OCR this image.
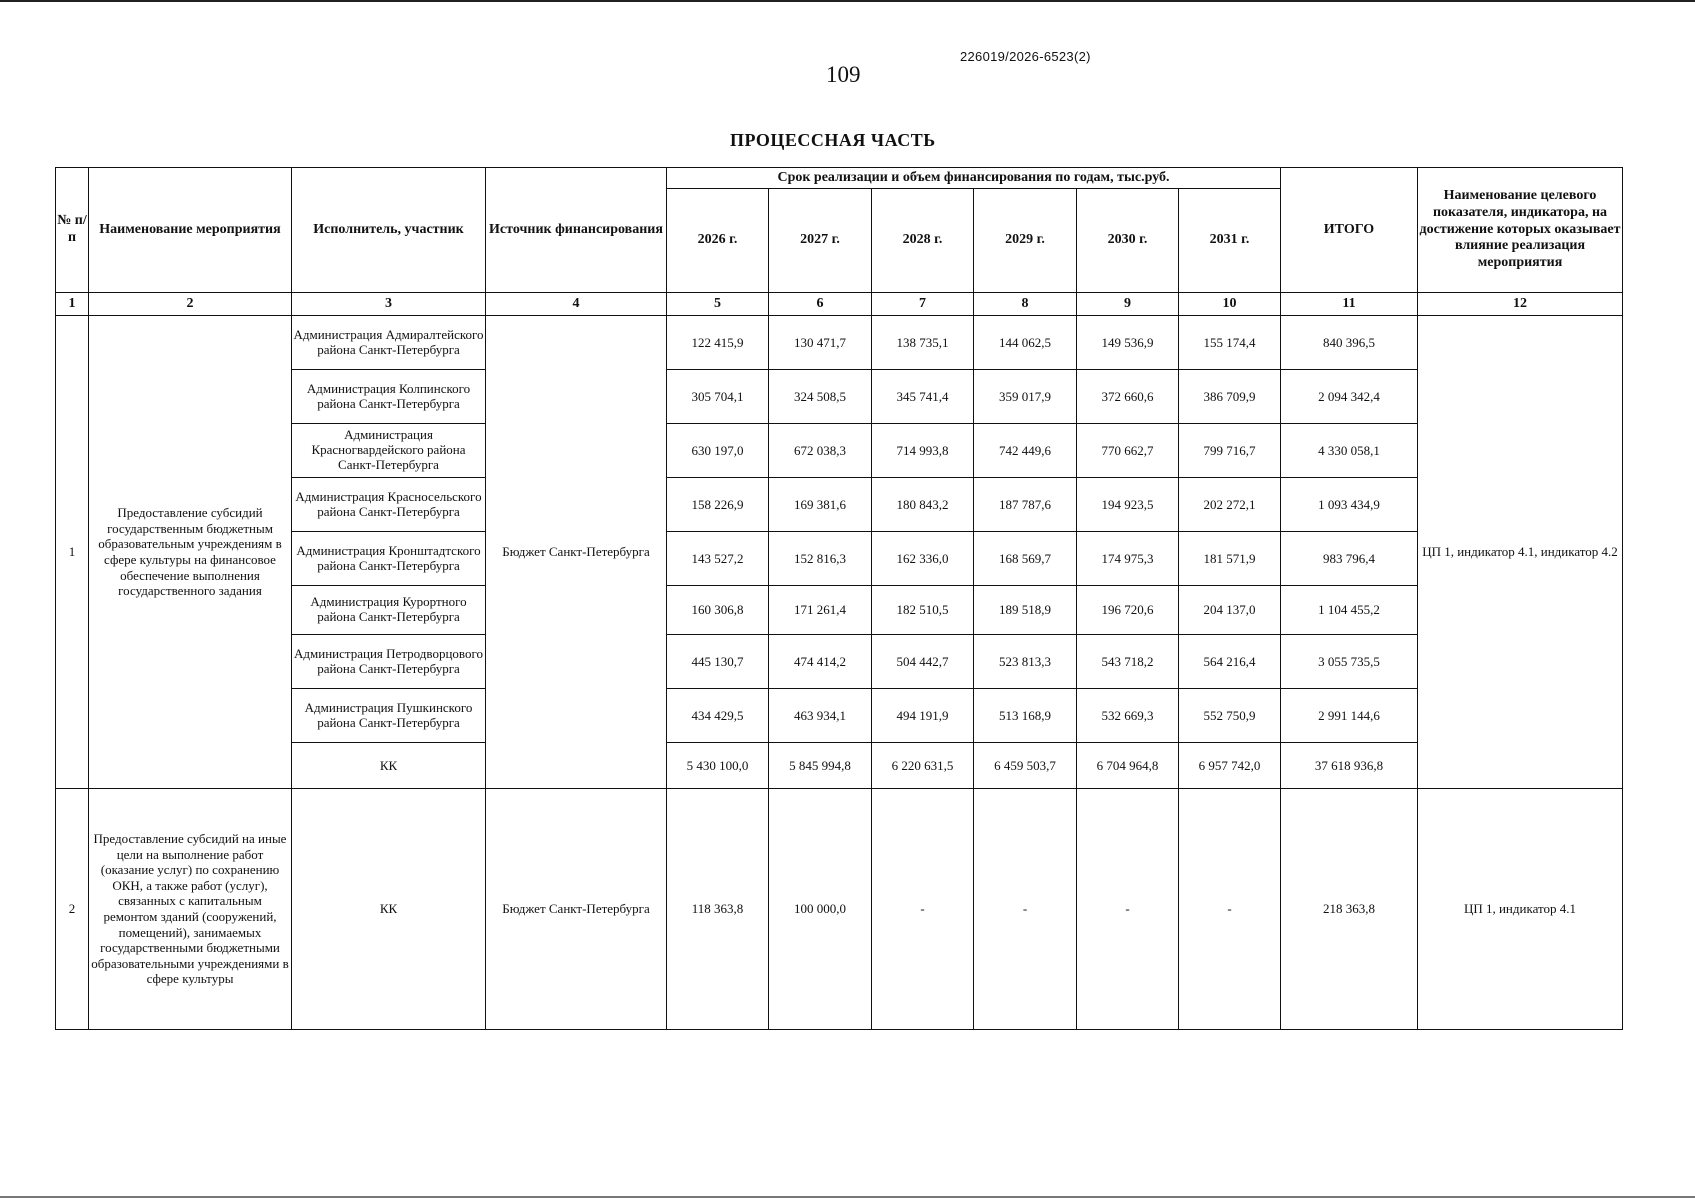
226019/2026-6523(2)
109
ПРОЦЕССНАЯ ЧАСТЬ
№ п/п	Наименование мероприятия	Исполнитель, участник	Источник финансирования	Срок реализации и объем финансирования по годам, тыс.руб.						ИТОГО	Наименование целевого показателя, индикатора, на достижение которых оказывает влияние реализация мероприятия
				2026 г.	2027 г.	2028 г.	2029 г.	2030 г.	2031 г.		
1	2	3	4	5	6	7	8	9	10	11	12
1	Предоставление субсидий государственным бюджетным образовательным учреждениям в сфере культуры на финансовое обеспечение выполнения государственного задания	Администрация Адмиралтейского района Санкт-Петербурга	Бюджет Санкт-Петербурга	122 415,9	130 471,7	138 735,1	144 062,5	149 536,9	155 174,4	840 396,5	ЦП 1, индикатор 4.1, индикатор 4.2
		Администрация Колпинского района Санкт-Петербурга		305 704,1	324 508,5	345 741,4	359 017,9	372 660,6	386 709,9	2 094 342,4	
		Администрация Красногвардейского района Санкт-Петербурга		630 197,0	672 038,3	714 993,8	742 449,6	770 662,7	799 716,7	4 330 058,1	
		Администрация Красносельского района Санкт-Петербурга		158 226,9	169 381,6	180 843,2	187 787,6	194 923,5	202 272,1	1 093 434,9	
		Администрация Кронштадтского района Санкт-Петербурга		143 527,2	152 816,3	162 336,0	168 569,7	174 975,3	181 571,9	983 796,4	
		Администрация Курортного района Санкт-Петербурга		160 306,8	171 261,4	182 510,5	189 518,9	196 720,6	204 137,0	1 104 455,2	
		Администрация Петродворцового района Санкт-Петербурга		445 130,7	474 414,2	504 442,7	523 813,3	543 718,2	564 216,4	3 055 735,5	
		Администрация Пушкинского района Санкт-Петербурга		434 429,5	463 934,1	494 191,9	513 168,9	532 669,3	552 750,9	2 991 144,6	
		КК		5 430 100,0	5 845 994,8	6 220 631,5	6 459 503,7	6 704 964,8	6 957 742,0	37 618 936,8	
2	Предоставление субсидий на иные цели на выполнение работ (оказание услуг) по сохранению ОКН, а также работ (услуг), связанных с капитальным ремонтом зданий (сооружений, помещений), занимаемых государственными бюджетными образовательными учреждениями в сфере культуры	КК	Бюджет Санкт-Петербурга	118 363,8	100 000,0	-	-	-	-	218 363,8	ЦП 1, индикатор 4.1
